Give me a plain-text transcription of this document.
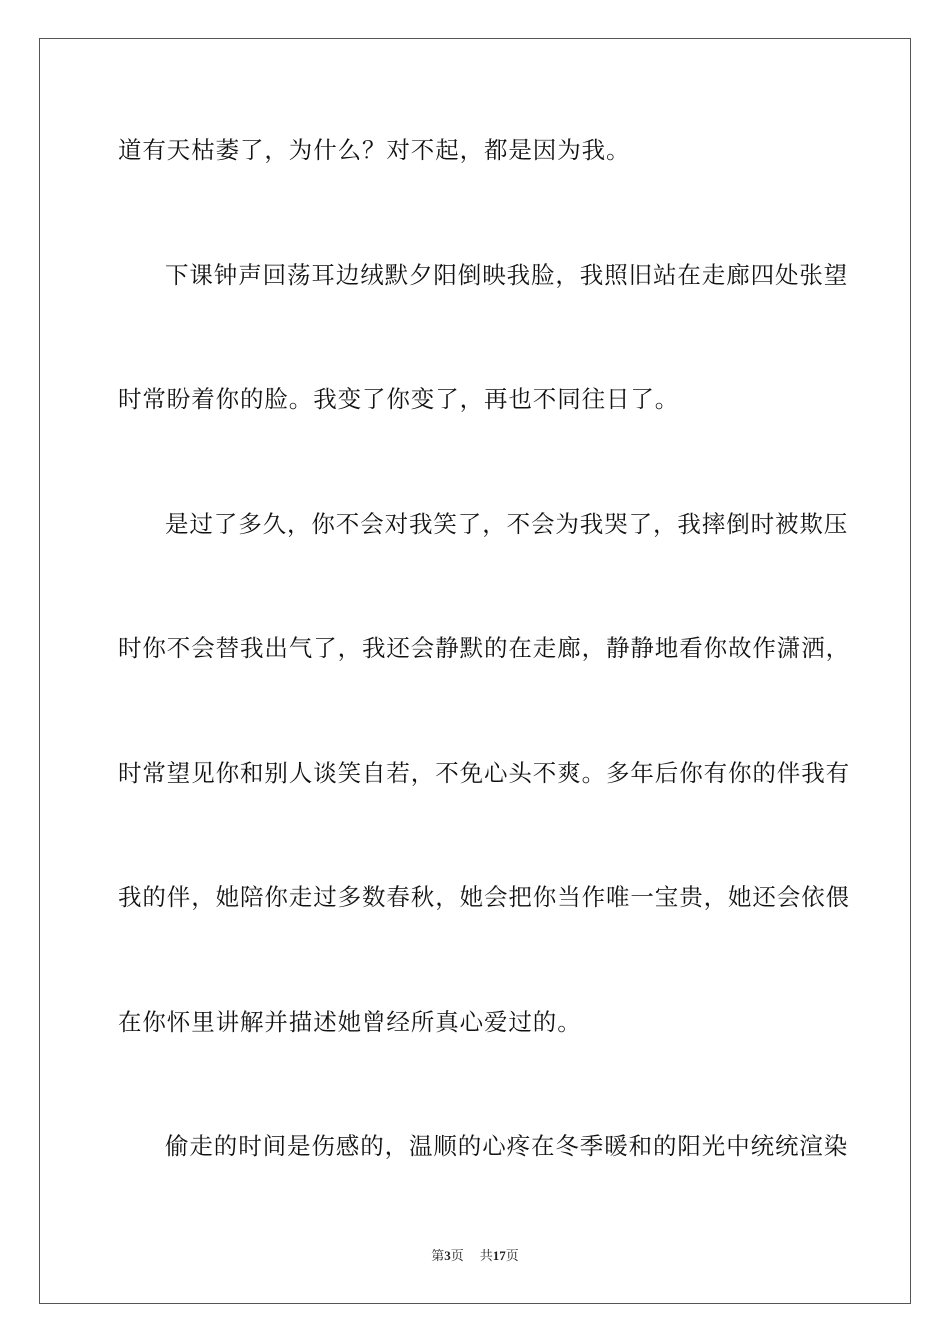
道有天枯萎了，为什么？对不起，都是因为我。
下课钟声回荡耳边绒默夕阳倒映我脸，我照旧站在走廊四处张望
时常盼着你的脸。我变了你变了，再也不同往日了。
是过了多久，你不会对我笑了，不会为我哭了，我摔倒时被欺压
时你不会替我出气了，我还会静默的在走廊，静静地看你故作潇洒，
时常望见你和别人谈笑自若，不免心头不爽。多年后你有你的伴我有
我的伴，她陪你走过多数春秋，她会把你当作唯一宝贵，她还会依偎
在你怀里讲解并描述她曾经所真心爱过的。
偷走的时间是伤感的，温顺的心疼在冬季暖和的阳光中统统渲染
第3页 共17页
